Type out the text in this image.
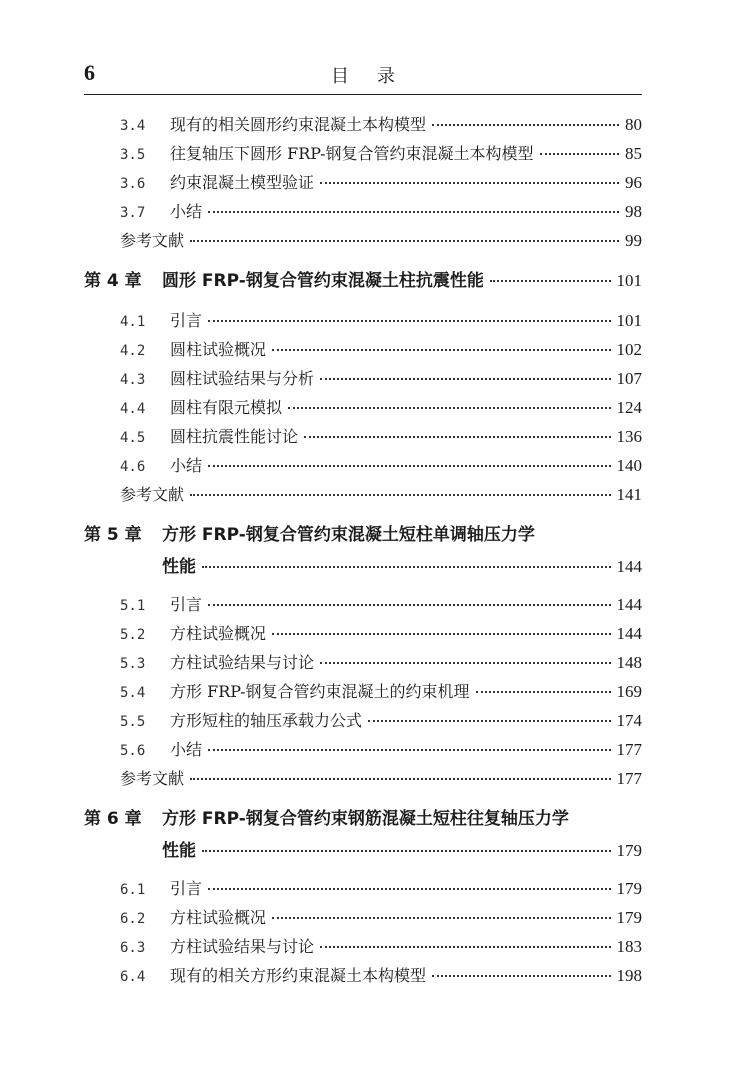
6	目录
3.4	现有的相关圆形约束混凝土本构模型	80
3.5	往复轴压下圆形 FRP-钢复合管约束混凝土本构模型	85
3.6	约束混凝土模型验证	96
3.7	小结	98
参考文献	99
第 4 章	圆形 FRP-钢复合管约束混凝土柱抗震性能	101
4.1	引言	101
4.2	圆柱试验概况	102
4.3	圆柱试验结果与分析	107
4.4	圆柱有限元模拟	124
4.5	圆柱抗震性能讨论	136
4.6	小结	140
参考文献	141
第 5 章	方形 FRP-钢复合管约束混凝土短柱单调轴压力学
性能	144
5.1	引言	144
5.2	方柱试验概况	144
5.3	方柱试验结果与讨论	148
5.4	方形 FRP-钢复合管约束混凝土的约束机理	169
5.5	方形短柱的轴压承载力公式	174
5.6	小结	177
参考文献	177
第 6 章	方形 FRP-钢复合管约束钢筋混凝土短柱往复轴压力学
性能	179
6.1	引言	179
6.2	方柱试验概况	179
6.3	方柱试验结果与讨论	183
6.4	现有的相关方形约束混凝土本构模型	198
